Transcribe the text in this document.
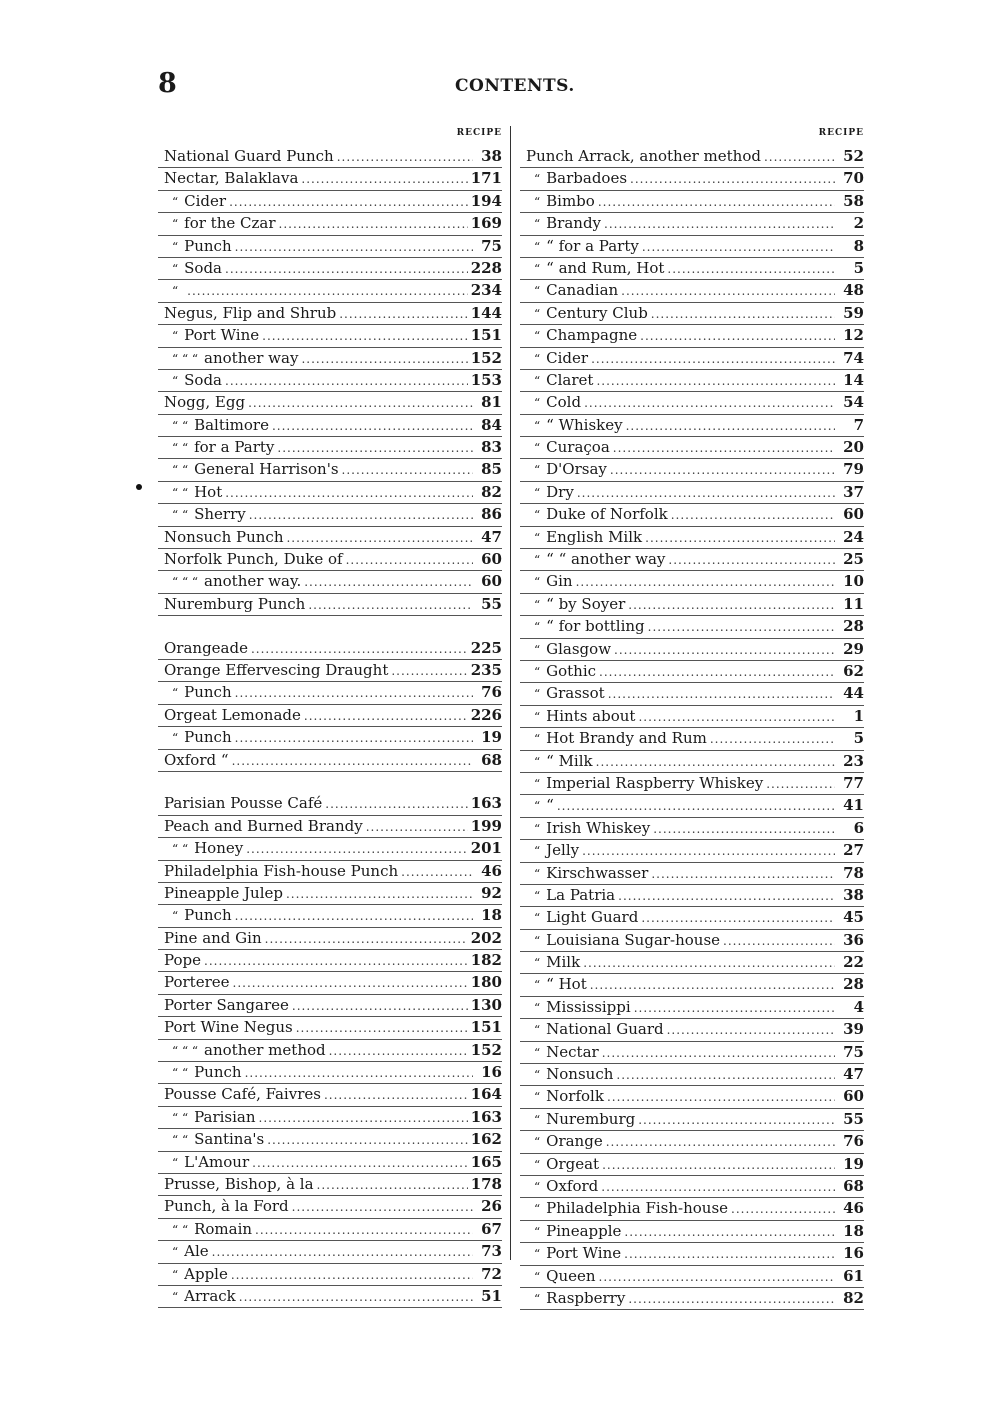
8	CONTENTS.
RECIPE
National Guard Punch .....	38
Nectar, Balaklava .....	171
“ Cider .....	194
“ for the Czar .....	169
“ Punch .....	75
“ Soda .....	228
“ .....	234
Negus, Flip and Shrub .....	144
“ Port Wine .....	151
“ “ “ another way .....	152
“ Soda .....	153
Nogg, Egg .....	81
“ “ Baltimore .....	84
“ “ for a Party .....	83
“ “ General Harrison's .....	85
“ “ Hot .....	82
“ “ Sherry .....	86
Nonsuch Punch .....	47
Norfolk Punch, Duke of .....	60
“ “ “ another way. .....	60
Nuremburg Punch .....	55
Orangeade .....	225
Orange Effervescing Draught .....	235
“ Punch .....	76
Orgeat Lemonade .....	226
“ Punch .....	19
Oxford “ .....	68
Parisian Pousse Café .....	163
Peach and Burned Brandy .....	199
“ “ Honey .....	201
Philadelphia Fish-house Punch .....	46
Pineapple Julep .....	92
“ Punch .....	18
Pine and Gin .....	202
Pope .....	182
Porteree .....	180
Porter Sangaree .....	130
Port Wine Negus .....	151
“ “ “ another method .....	152
“ “ Punch .....	16
Pousse Café, Faivres .....	164
“ “ Parisian .....	163
“ “ Santina's .....	162
“ L'Amour .....	165
Prusse, Bishop, à la .....	178
Punch, à la Ford .....	26
“ “ Romain .....	67
“ Ale .....	73
“ Apple .....	72
“ Arrack .....	51
RECIPE
Punch Arrack, another method .....	52
“ Barbadoes .....	70
“ Bimbo .....	58
“ Brandy .....	2
“ “ for a Party .....	8
“ “ and Rum, Hot .....	5
“ Canadian .....	48
“ Century Club .....	59
“ Champagne .....	12
“ Cider .....	74
“ Claret .....	14
“ Cold .....	54
“ “ Whiskey .....	7
“ Curaçoa .....	20
“ D'Orsay .....	79
“ Dry .....	37
“ Duke of Norfolk .....	60
“ English Milk .....	24
“ “ “ another way .....	25
“ Gin .....	10
“ “ by Soyer .....	11
“ “ for bottling .....	28
“ Glasgow .....	29
“ Gothic .....	62
“ Grassot .....	44
“ Hints about .....	1
“ Hot Brandy and Rum .....	5
“ “ Milk .....	23
“ Imperial Raspberry Whiskey .....	77
“ “ .....	41
“ Irish Whiskey .....	6
“ Jelly .....	27
“ Kirschwasser .....	78
“ La Patria .....	38
“ Light Guard .....	45
“ Louisiana Sugar-house .....	36
“ Milk .....	22
“ “ Hot .....	28
“ Mississippi .....	4
“ National Guard .....	39
“ Nectar .....	75
“ Nonsuch .....	47
“ Norfolk .....	60
“ Nuremburg .....	55
“ Orange .....	76
“ Orgeat .....	19
“ Oxford .....	68
“ Philadelphia Fish-house .....	46
“ Pineapple .....	18
“ Port Wine .....	16
“ Queen .....	61
“ Raspberry .....	82
